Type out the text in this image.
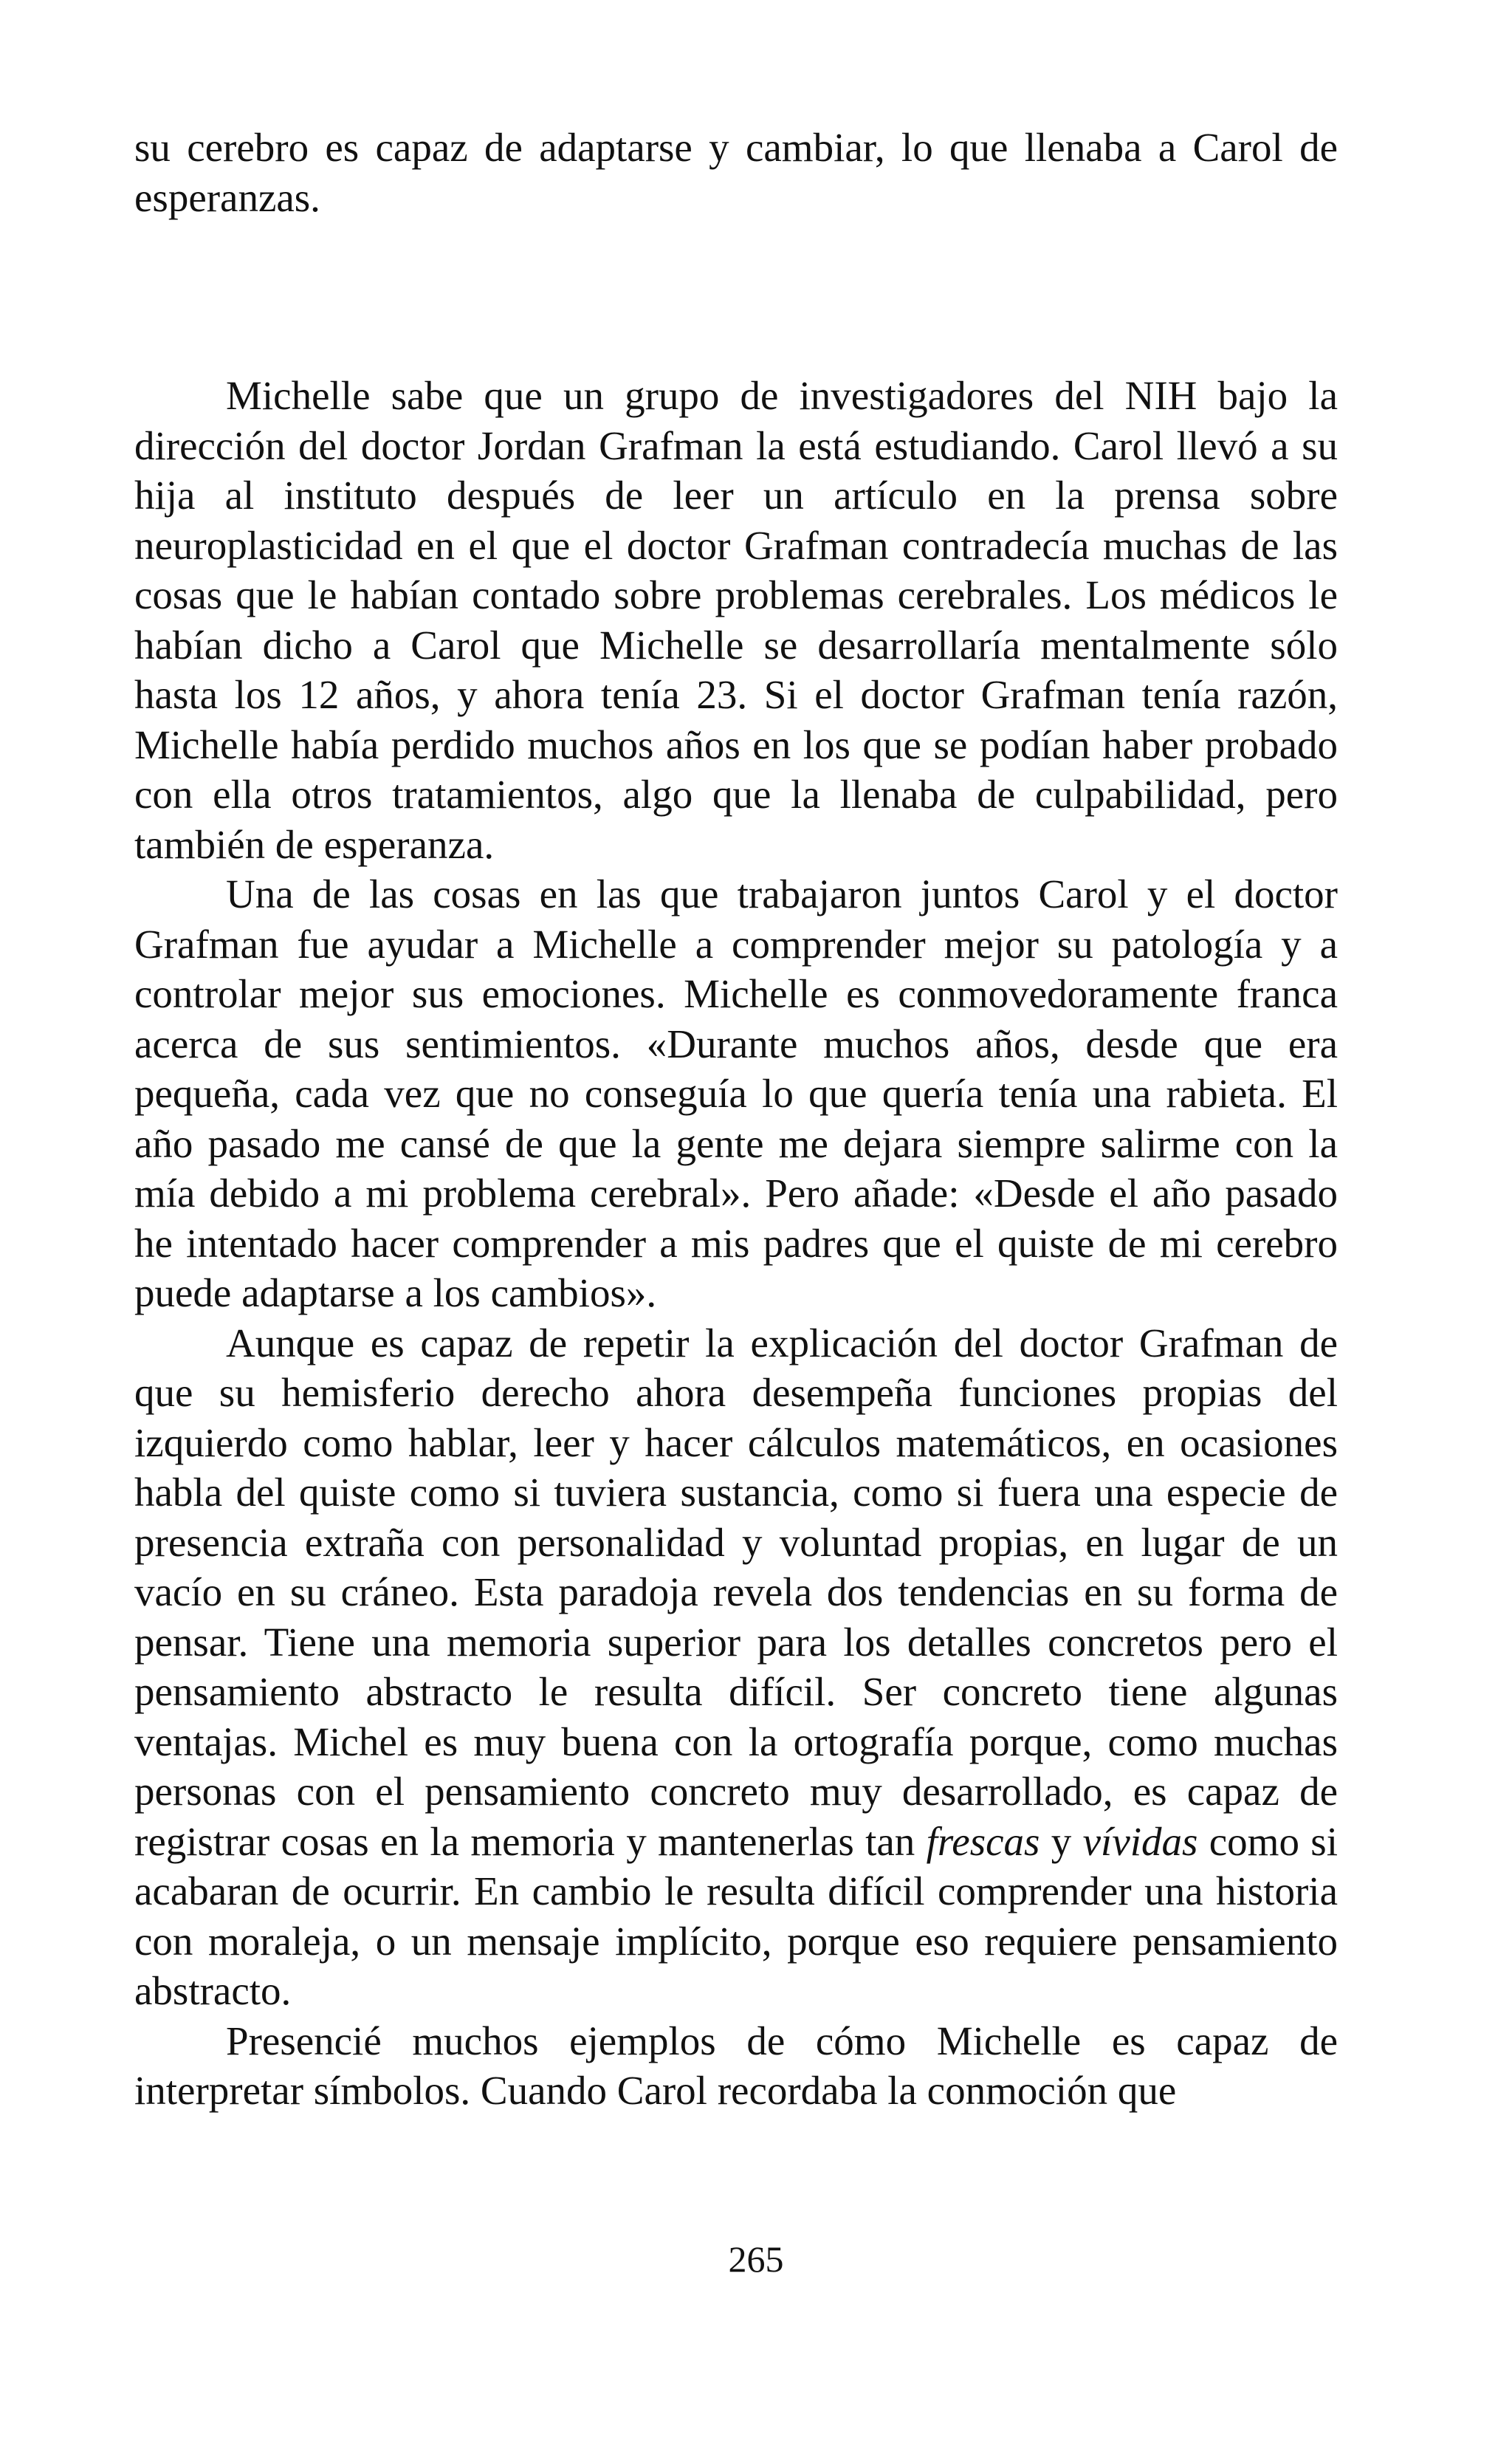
su cerebro es capaz de adaptarse y cambiar, lo que llenaba a Carol de esperanzas.

Michelle sabe que un grupo de investigadores del NIH bajo la dirección del doctor Jordan Grafman la está estudiando. Carol llevó a su hija al instituto después de leer un artículo en la prensa sobre neuroplasticidad en el que el doctor Grafman contradecía muchas de las cosas que le habían contado sobre problemas cerebrales. Los médicos le habían dicho a Carol que Michelle se desarrollaría mentalmente sólo hasta los 12 años, y ahora tenía 23. Si el doctor Grafman tenía razón, Michelle había perdido muchos años en los que se podían haber probado con ella otros tratamientos, algo que la llenaba de culpabilidad, pero también de esperanza.

Una de las cosas en las que trabajaron juntos Carol y el doctor Grafman fue ayudar a Michelle a comprender mejor su patología y a controlar mejor sus emociones. Michelle es conmovedoramente franca acerca de sus sentimientos. «Durante muchos años, desde que era pequeña, cada vez que no conseguía lo que quería tenía una rabieta. El año pasado me cansé de que la gente me dejara siempre salirme con la mía debido a mi problema cerebral». Pero añade: «Desde el año pasado he intentado hacer comprender a mis padres que el quiste de mi cerebro puede adaptarse a los cambios».

Aunque es capaz de repetir la explicación del doctor Grafman de que su hemisferio derecho ahora desempeña funciones propias del izquierdo como hablar, leer y hacer cálculos matemáticos, en ocasiones habla del quiste como si tuviera sustancia, como si fuera una especie de presencia extraña con personalidad y voluntad propias, en lugar de un vacío en su cráneo. Esta paradoja revela dos tendencias en su forma de pensar. Tiene una memoria superior para los detalles concretos pero el pensamiento abstracto le resulta difícil. Ser concreto tiene algunas ventajas. Michel es muy buena con la ortografía porque, como muchas personas con el pensamiento concreto muy desarrollado, es capaz de registrar cosas en la memoria y mantenerlas tan frescas y vívidas como si acabaran de ocurrir. En cambio le resulta difícil comprender una historia con moraleja, o un mensaje implícito, porque eso requiere pensamiento abstracto.

Presencié muchos ejemplos de cómo Michelle es capaz de interpretar símbolos. Cuando Carol recordaba la conmoción que

265
